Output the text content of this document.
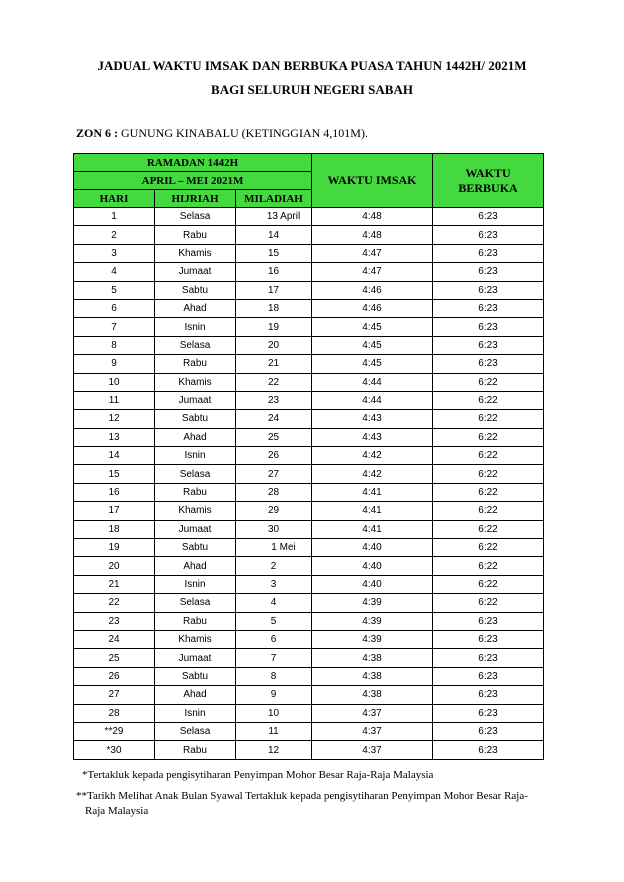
JADUAL WAKTU IMSAK DAN BERBUKA PUASA TAHUN 1442H/ 2021M
BAGI SELURUH NEGERI SABAH
ZON 6 : GUNUNG KINABALU (KETINGGIAN 4,101M).
RAMADAN 1442H			WAKTU IMSAK	WAKTU BERBUKA
APRIL – MEI 2021M				
HARI	HIJRIAH	MILADIAH		
1	Selasa	13 April	4:48	6:23
2	Rabu	14	4:48	6:23
3	Khamis	15	4:47	6:23
4	Jumaat	16	4:47	6:23
5	Sabtu	17	4:46	6:23
6	Ahad	18	4:46	6:23
7	Isnin	19	4:45	6:23
8	Selasa	20	4:45	6:23
9	Rabu	21	4:45	6:23
10	Khamis	22	4:44	6:22
11	Jumaat	23	4:44	6:22
12	Sabtu	24	4:43	6:22
13	Ahad	25	4:43	6:22
14	Isnin	26	4:42	6:22
15	Selasa	27	4:42	6:22
16	Rabu	28	4:41	6:22
17	Khamis	29	4:41	6:22
18	Jumaat	30	4:41	6:22
19	Sabtu	1 Mei	4:40	6:22
20	Ahad	2	4:40	6:22
21	Isnin	3	4:40	6:22
22	Selasa	4	4:39	6:22
23	Rabu	5	4:39	6:23
24	Khamis	6	4:39	6:23
25	Jumaat	7	4:38	6:23
26	Sabtu	8	4:38	6:23
27	Ahad	9	4:38	6:23
28	Isnin	10	4:37	6:23
**29	Selasa	11	4:37	6:23
*30	Rabu	12	4:37	6:23
*Tertakluk kepada pengisytiharan Penyimpan Mohor Besar Raja-Raja Malaysia
**Tarikh Melihat Anak Bulan Syawal Tertakluk kepada pengisytiharan Penyimpan Mohor Besar Raja-Raja Malaysia
